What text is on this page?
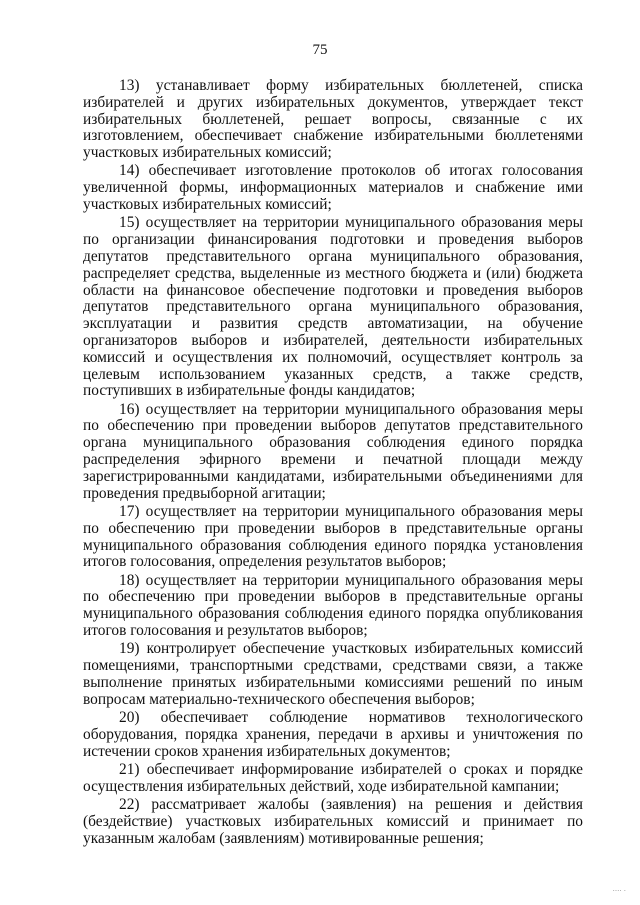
75

13) устанавливает форму избирательных бюллетеней, списка избирателей и других избирательных документов, утверждает текст избирательных бюллетеней, решает вопросы, связанные с их изготовлением, обеспечивает снабжение избирательными бюллетенями участковых избирательных комиссий;

14) обеспечивает изготовление протоколов об итогах голосования увеличенной формы, информационных материалов и снабжение ими участковых избирательных комиссий;

15) осуществляет на территории муниципального образования меры по организации финансирования подготовки и проведения выборов депутатов представительного органа муниципального образования, распределяет средства, выделенные из местного бюджета и (или) бюджета области на финансовое обеспечение подготовки и проведения выборов депутатов представительного органа муниципального образования, эксплуатации и развития средств автоматизации, на обучение организаторов выборов и избирателей, деятельности избирательных комиссий и осуществления их полномочий, осуществляет контроль за целевым использованием указанных средств, а также средств, поступивших в избирательные фонды кандидатов;

16) осуществляет на территории муниципального образования меры по обеспечению при проведении выборов депутатов представительного органа муниципального образования соблюдения единого порядка распределения эфирного времени и печатной площади между зарегистрированными кандидатами, избирательными объединениями для проведения предвыборной агитации;

17) осуществляет на территории муниципального образования меры по обеспечению при проведении выборов в представительные органы муниципального образования соблюдения единого порядка установления итогов голосования, определения результатов выборов;

18) осуществляет на территории муниципального образования меры по обеспечению при проведении выборов в представительные органы муниципального образования соблюдения единого порядка опубликования итогов голосования и результатов выборов;

19) контролирует обеспечение участковых избирательных комиссий помещениями, транспортными средствами, средствами связи, а также выполнение принятых избирательными комиссиями решений по иным вопросам материально-технического обеспечения выборов;

20) обеспечивает соблюдение нормативов технологического оборудования, порядка хранения, передачи в архивы и уничтожения по истечении сроков хранения избирательных документов;

21) обеспечивает информирование избирателей о сроках и порядке осуществления избирательных действий, ходе избирательной кампании;

22) рассматривает жалобы (заявления) на решения и действия (бездействие) участковых избирательных комиссий и принимает по указанным жалобам (заявлениям) мотивированные решения;

···· ·
